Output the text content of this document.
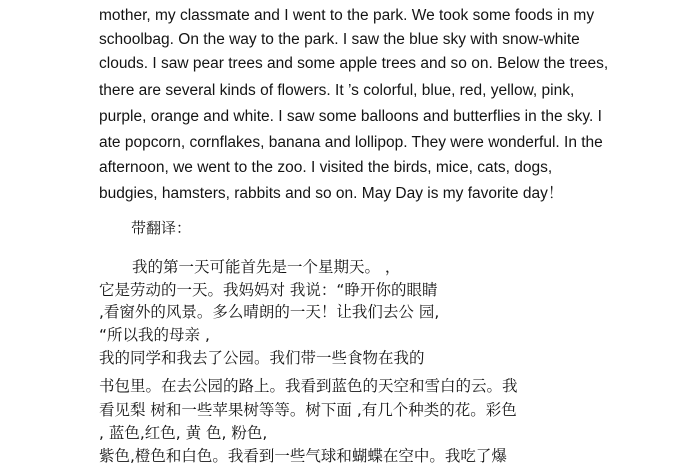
mother, my classmate and I went to the park. We took some foods in my
schoolbag. On the way to the park. I saw the blue sky with snow-white
clouds. I saw pear trees and some apple trees and so on. Below the trees,
there are several kinds of flowers. It ’s colorful, blue, red, yellow, pink,
purple, orange and white. I saw some balloons and butterflies in the sky. I
ate popcorn, cornflakes, banana and lollipop. They were wonderful. In the
afternoon, we went to the zoo. I visited the birds, mice, cats, dogs,
budgies, hamsters, rabbits and so on. May Day is my favorite day！
带翻译：
我的第一天可能首先是一个星期天。 ，
它是劳动的一天。我妈妈对 我说：“睁开你的眼睛
,看窗外的风景。多么晴朗的一天！让我们去公 园,
“所以我的母亲 ,
我的同学和我去了公园。我们带一些食物在我的
书包里。在去公园的路上。我看到蓝色的天空和雪白的云。我
看见梨 树和一些苹果树等等。树下面 ,有几个种类的花。彩色
, 蓝色,红色, 黄 色, 粉色,
紫色,橙色和白色。我看到一些气球和蝴蝶在空中。我吃了爆
